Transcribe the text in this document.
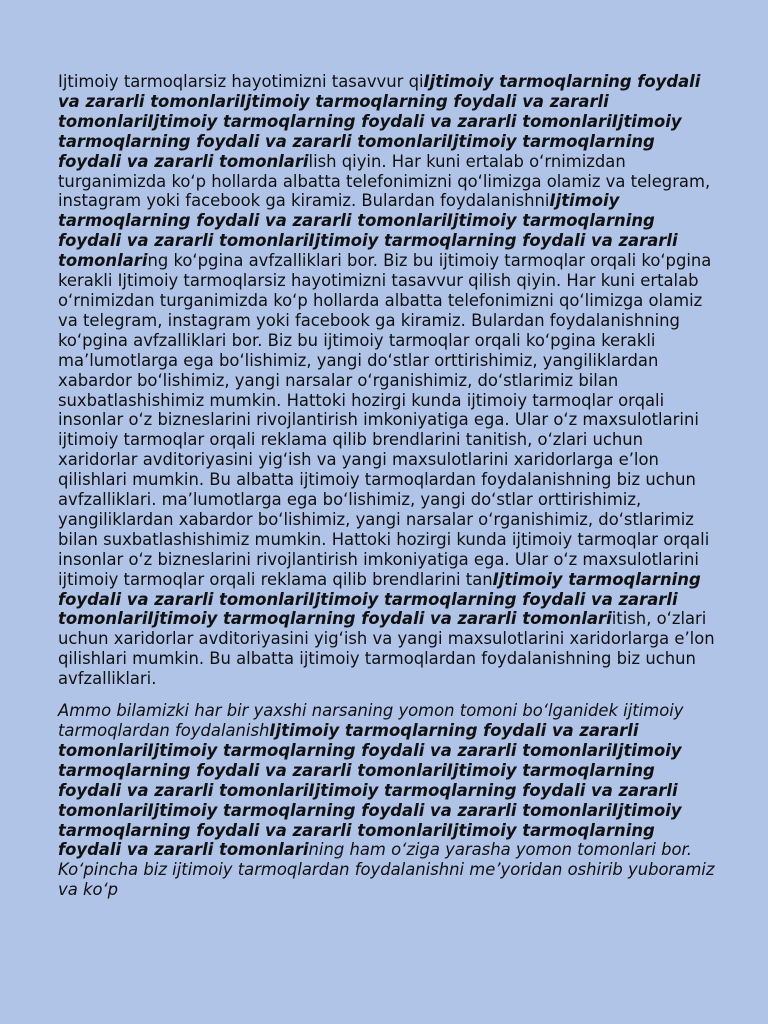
Ijtimoiy tarmoqlarsiz hayotimizni tasavvur qiIjtimoiy tarmoqlarning foydali va zararli tomonlariIjtimoiy tarmoqlarning foydali va zararli tomonlariIjtimoiy tarmoqlarning foydali va zararli tomonlariIjtimoiy tarmoqlarning foydali va zararli tomonlariIjtimoiy tarmoqlarning foydali va zararli tomonlarilish qiyin. Har kuni ertalab o‘rnimizdan turganimizda ko‘p hollarda albatta telefonimizni qo‘limizga olamiz va telegram, instagram yoki facebook ga kiramiz. Bulardan foydalanishniIjtimoiy tarmoqlarning foydali va zararli tomonlariIjtimoiy tarmoqlarning foydali va zararli tomonlariIjtimoiy tarmoqlarning foydali va zararli tomonlaring ko‘pgina avfzalliklari bor. Biz bu ijtimoiy tarmoqlar orqali ko‘pgina kerakli Ijtimoiy tarmoqlarsiz hayotimizni tasavvur qilish qiyin. Har kuni ertalab o‘rnimizdan turganimizda ko‘p hollarda albatta telefonimizni qo‘limizga olamiz va telegram, instagram yoki facebook ga kiramiz. Bulardan foydalanishning ko‘pgina avfzalliklari bor. Biz bu ijtimoiy tarmoqlar orqali ko‘pgina kerakli ma’lumotlarga ega bo‘lishimiz, yangi do‘stlar orttirishimiz, yangiliklardan xabardor bo‘lishimiz, yangi narsalar o‘rganishimiz, do‘stlarimiz bilan suxbatlashishimiz mumkin. Hattoki hozirgi kunda ijtimoiy tarmoqlar orqali insonlar o‘z bizneslarini rivojlantirish imkoniyatiga ega. Ular o‘z maxsulotlarini ijtimoiy tarmoqlar orqali reklama qilib brendlarini tanitish, o‘zlari uchun xaridorlar avditoriyasini yig‘ish va yangi maxsulotlarini xaridorlarga e’lon qilishlari mumkin. Bu albatta ijtimoiy tarmoqlardan foydalanishning biz uchun avfzalliklari. ma’lumotlarga ega bo‘lishimiz, yangi do‘stlar orttirishimiz, yangiliklardan xabardor bo‘lishimiz, yangi narsalar o‘rganishimiz, do‘stlarimiz bilan suxbatlashishimiz mumkin. Hattoki hozirgi kunda ijtimoiy tarmoqlar orqali insonlar o‘z bizneslarini rivojlantirish imkoniyatiga ega. Ular o‘z maxsulotlarini ijtimoiy tarmoqlar orqali reklama qilib brendlarini tanIjtimoiy tarmoqlarning foydali va zararli tomonlariIjtimoiy tarmoqlarning foydali va zararli tomonlariIjtimoiy tarmoqlarning foydali va zararli tomonlariitish, o‘zlari uchun xaridorlar avditoriyasini yig‘ish va yangi maxsulotlarini xaridorlarga e’lon qilishlari mumkin. Bu albatta ijtimoiy tarmoqlardan foydalanishning biz uchun avfzalliklari.

Ammo bilamizki har bir yaxshi narsaning yomon tomoni bo‘lganidek ijtimoiy tarmoqlardan foydalanishIjtimoiy tarmoqlarning foydali va zararli tomonlariIjtimoiy tarmoqlarning foydali va zararli tomonlariIjtimoiy tarmoqlarning foydali va zararli tomonlariIjtimoiy tarmoqlarning foydali va zararli tomonlariIjtimoiy tarmoqlarning foydali va zararli tomonlariIjtimoiy tarmoqlarning foydali va zararli tomonlariIjtimoiy tarmoqlarning foydali va zararli tomonlariIjtimoiy tarmoqlarning foydali va zararli tomonlarining ham o‘ziga yarasha yomon tomonlari bor. Ko‘pincha biz ijtimoiy tarmoqlardan foydalanishni me’yoridan oshirib yuboramiz va ko‘p
